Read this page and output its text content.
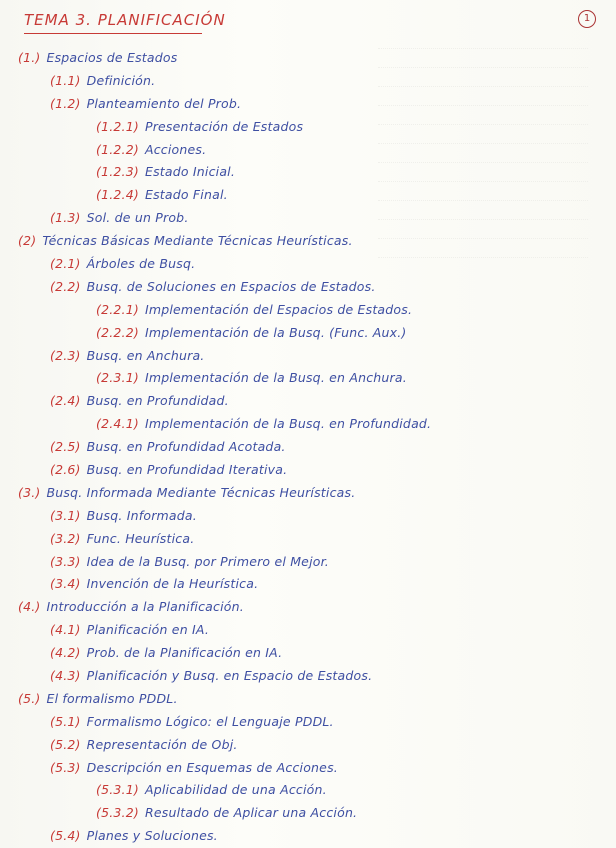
TEMA 3. PLANIFICACIÓN	1
(1.) Espacios de Estados
(1.1) Definición.
(1.2) Planteamiento del Prob.
(1.2.1) Presentación de Estados
(1.2.2) Acciones.
(1.2.3) Estado Inicial.
(1.2.4) Estado Final.
(1.3) Sol. de un Prob.
(2) Técnicas Básicas Mediante Técnicas Heurísticas.
(2.1) Árboles de Busq.
(2.2) Busq. de Soluciones en Espacios de Estados.
(2.2.1) Implementación del Espacios de Estados.
(2.2.2) Implementación de la Busq. (Func. Aux.)
(2.3) Busq. en Anchura.
(2.3.1) Implementación de la Busq. en Anchura.
(2.4) Busq. en Profundidad.
(2.4.1) Implementación de la Busq. en Profundidad.
(2.5) Busq. en Profundidad Acotada.
(2.6) Busq. en Profundidad Iterativa.
(3.) Busq. Informada Mediante Técnicas Heurísticas.
(3.1) Busq. Informada.
(3.2) Func. Heurística.
(3.3) Idea de la Busq. por Primero el Mejor.
(3.4) Invención de la Heurística.
(4.) Introducción a la Planificación.
(4.1) Planificación en IA.
(4.2) Prob. de la Planificación en IA.
(4.3) Planificación y Busq. en Espacio de Estados.
(5.) El formalismo PDDL.
(5.1) Formalismo Lógico: el Lenguaje PDDL.
(5.2) Representación de Obj.
(5.3) Descripción en Esquemas de Acciones.
(5.3.1) Aplicabilidad de una Acción.
(5.3.2) Resultado de Aplicar una Acción.
(5.4) Planes y Soluciones.
